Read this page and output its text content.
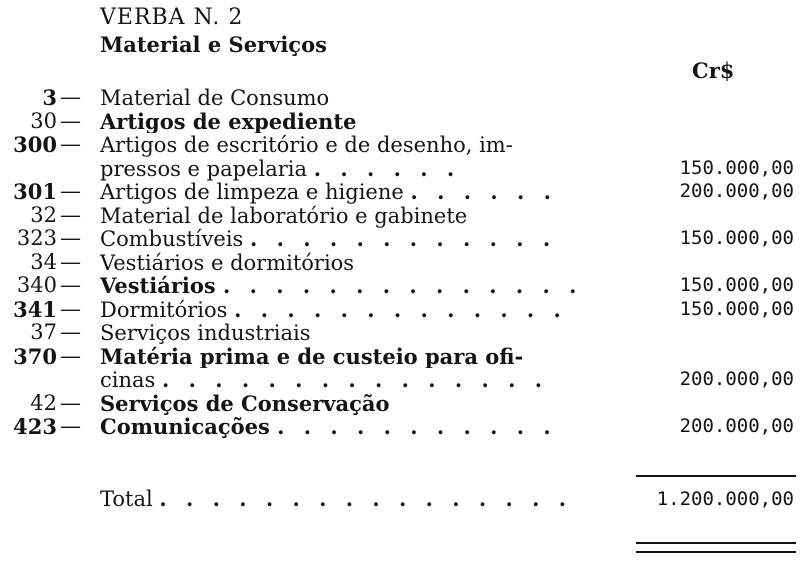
VERBA N. 2
Material e Serviços
Cr$
3 — Material de Consumo
30 — Artigos de expediente
300 — Artigos de escritório e de desenho, im-
pressos e papelaria . . . . . .	150.000,00
301 — Artigos de limpeza e higiene . . . . . .	200.000,00
32 — Material de laboratório e gabinete
323 — Combustíveis . . . . . . . . . . . .	150.000,00
34 — Vestiários e dormitórios
340 — Vestiários . . . . . . . . . . . . . .	150.000,00
341 — Dormitórios . . . . . . . . . . . . .	150.000,00
37 — Serviços industriais
370 — Matéria prima e de custeio para ofi-
cinas . . . . . . . . . . . . . . .	200.000,00
42 — Serviços de Conservação
423 — Comunicações . . . . . . . . . . .	200.000,00
Total . . . . . . . . . . . . . . . .	1.200.000,00
